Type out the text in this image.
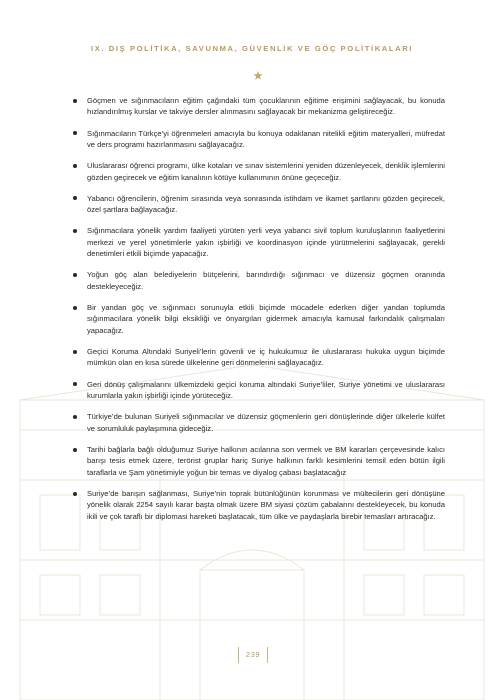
IX. DIŞ POLİTİKA, SAVUNMA, GÜVENLİK VE GÖÇ POLİTİKALARI
Göçmen ve sığınmacıların eğitim çağındaki tüm çocuklarının eğitime erişimini sağlayacak, bu konuda hızlandırılmış kurslar ve takviye dersler alınmasını sağlayacak bir mekanizma geliştireceğiz.
Sığınmacıların Türkçe’yi öğrenmeleri amacıyla bu konuya odaklanan nitelikli eğitim materyalleri, müfredat ve ders programı hazırlanmasını sağlayacağız.
Uluslararası öğrenci programı, ülke kotaları ve sınav sistemlerini yeniden düzenleyecek, denklik işlemlerini gözden geçirecek ve eğitim kanalının kötüye kullanımının önüne geçeceğiz.
Yabancı öğrencilerin, öğrenim sırasında veya sonrasında istihdam ve ikamet şartlarını gözden geçirecek, özel şartlara bağlayacağız.
Sığınmacılara yönelik yardım faaliyeti yürüten yerli veya yabancı sivil toplum kuruluşlarının faaliyetlerini merkezi ve yerel yönetimlerle yakın işbirliği ve koordinasyon içinde yürütmelerini sağlayacak, gerekli denetimleri etkili biçimde yapacağız.
Yoğun göç alan belediyelerin bütçelerini, barındırdığı sığınmacı ve düzensiz göçmen oranında destekleyeceğiz.
Bir yandan göç ve sığınmacı sorunuyla etkili biçimde mücadele ederken diğer yandan toplumda sığınmacılara yönelik bilgi eksikliği ve önyargıları gidermek amacıyla kamusal farkındalık çalışmaları yapacağız.
Geçici Koruma Altındaki Suriyeli’lerin güvenli ve iç hukukumuz ile uluslararası hukuka uygun biçimde mümkün olan en kısa sürede ülkelerine geri dönmelerini sağlayacağız.
Geri dönüş çalışmalarını ülkemizdeki geçici koruma altındaki Suriye’liler, Suriye yönetimi ve uluslararası kurumlarla yakın işbirliği içinde yürüteceğiz.
Türkiye’de bulunan Suriyeli sığınmacılar ve düzensiz göçmenlerin geri dönüşlerinde diğer ülkelerle külfet ve sorumluluk paylaşımına gideceğiz.
Tarihi bağlarla bağlı olduğumuz Suriye halkının acılarına son vermek ve BM kararları çerçevesinde kalıcı barışı tesis etmek üzere, terörist gruplar hariç Suriye halkının farklı kesimlerini temsil eden bütün ilgili taraflarla ve Şam yönetimiyle yoğun bir temas ve diyalog çabası başlatacağız
Suriye’de barışın sağlanması, Suriye’nin toprak bütünlüğünün korunması ve mültecilerin geri dönüşüne yönelik olarak 2254 sayılı karar başta olmak üzere BM siyasi çözüm çabalarını destekleyecek, bu konuda ikili ve çok taraflı bir diplomasi hareketi başlatacak, tüm ülke ve paydaşlarla birebir temasları artıracağız.
239
